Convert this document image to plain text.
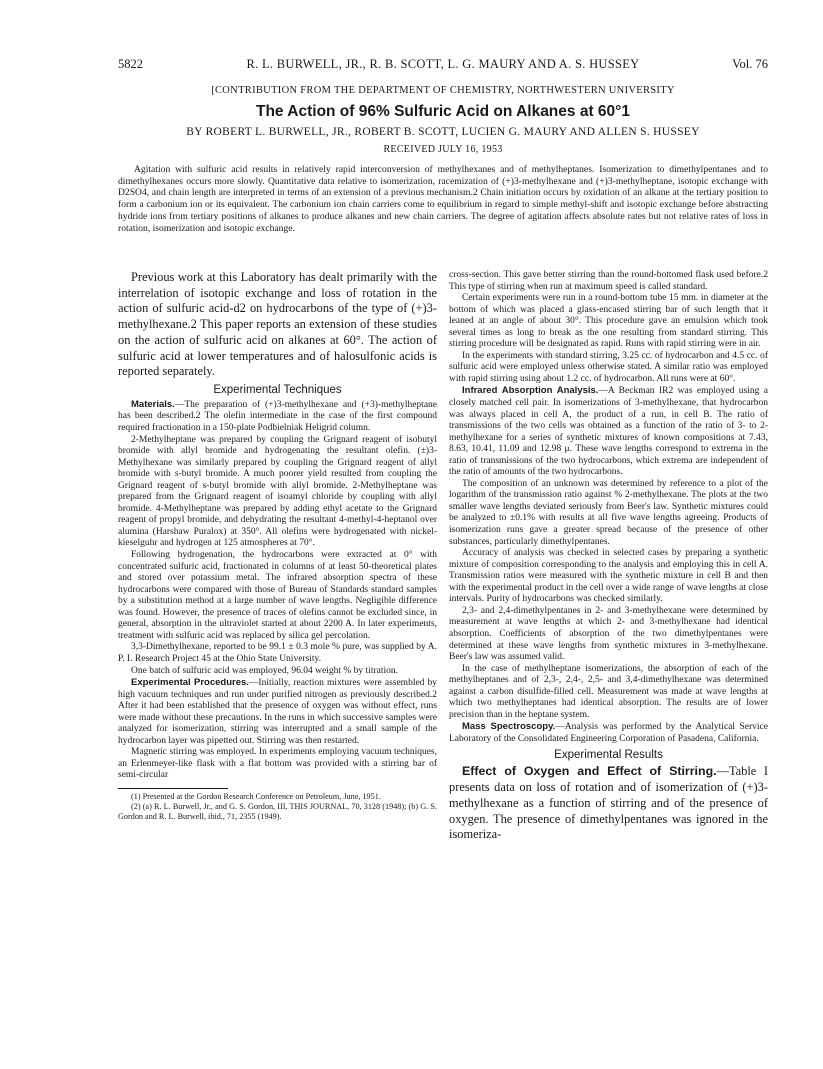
5822	R. L. BURWELL, JR., R. B. SCOTT, L. G. MAURY AND A. S. HUSSEY	Vol. 76
[CONTRIBUTION FROM THE DEPARTMENT OF CHEMISTRY, NORTHWESTERN UNIVERSITY
The Action of 96% Sulfuric Acid on Alkanes at 60°1
BY ROBERT L. BURWELL, JR., ROBERT B. SCOTT, LUCIEN G. MAURY AND ALLEN S. HUSSEY
RECEIVED JULY 16, 1953

Agitation with sulfuric acid results in relatively rapid interconversion of methylhexanes and of methylheptanes. Isomerization to dimethylpentanes and to dimethylhexanes occurs more slowly. Quantitative data relative to isomerization, racemization of (+)3-methylhexane and (+)3-methylheptane, isotopic exchange with D2SO4, and chain length are interpreted in terms of an extension of a previous mechanism.2 Chain initiation occurs by oxidation of an alkane at the tertiary position to form a carbonium ion or its equivalent. The carbonium ion chain carriers come to equilibrium in regard to simple methyl-shift and isotopic exchange before abstracting hydride ions from tertiary positions of alkanes to produce alkanes and new chain carriers. The degree of agitation affects absolute rates but not relative rates of loss in rotation, isomerization and isotopic exchange.

Previous work at this Laboratory has dealt primarily with the interrelation of isotopic exchange and loss of rotation in the action of sulfuric acid-d2 on hydrocarbons of the type of (+)3-methylhexane.2 This paper reports an extension of these studies on the action of sulfuric acid on alkanes at 60°. The action of sulfuric acid at lower temperatures and of halosulfonic acids is reported separately.

Experimental Techniques

Materials.—The preparation of (+)3-methylhexane and (+3)-methylheptane has been described.2 The olefin intermediate in the case of the first compound required fractionation in a 150-plate Podbielniak Heligrid column.

2-Methylheptane was prepared by coupling the Grignard reagent of isobutyl bromide with allyl bromide and hydrogenating the resultant olefin. (±)3-Methylhexane was similarly prepared by coupling the Grignard reagent of allyl bromide with s-butyl bromide. A much poorer yield resulted from coupling the Grignard reagent of s-butyl bromide with allyl bromide. 2-Methylheptane was prepared from the Grignard reagent of isoamyl chloride by coupling with allyl bromide. 4-Methylheptane was prepared by adding ethyl acetate to the Grignard reagent of propyl bromide, and dehydrating the resultant 4-methyl-4-heptanol over alumina (Harshaw Puralox) at 350°. All olefins were hydrogenated with nickel-kieselguhr and hydrogen at 125 atmospheres at 70°.

Following hydrogenation, the hydrocarbons were extracted at 0° with concentrated sulfuric acid, fractionated in columns of at least 50-theoretical plates and stored over potassium metal. The infrared absorption spectra of these hydrocarbons were compared with those of Bureau of Standards standard samples by a substitution method at a large number of wave lengths. Negligible difference was found. However, the presence of traces of olefins cannot be excluded since, in general, absorption in the ultraviolet started at about 2200 A. In later experiments, treatment with sulfuric acid was replaced by silica gel percolation.

3,3-Dimethylhexane, reported to be 99.1 ± 0.3 mole % pure, was supplied by A. P. I. Research Project 45 at the Ohio State University.

One batch of sulfuric acid was employed, 96.04 weight % by titration.

Experimental Procedures.—Initially, reaction mixtures were assembled by high vacuum techniques and run under purified nitrogen as previously described.2 After it had been established that the presence of oxygen was without effect, runs were made without these precautions. In the runs in which successive samples were analyzed for isomerization, stirring was interrupted and a small sample of the hydrocarbon layer was pipetted out. Stirring was then restarted.

Magnetic stirring was employed. In experiments employing vacuum techniques, an Erlenmeyer-like flask with a flat bottom was provided with a stirring bar of semi-circular

(1) Presented at the Gordon Research Conference on Petroleum, June, 1951.

(2) (a) R. L. Burwell, Jr., and G. S. Gordon, III, THIS JOURNAL, 70, 3128 (1948); (b) G. S. Gordon and R. L. Burwell, ibid., 71, 2355 (1949).

cross-section. This gave better stirring than the round-bottomed flask used before.2 This type of stirring when run at maximum speed is called standard.

Certain experiments were run in a round-bottom tube 15 mm. in diameter at the bottom of which was placed a glass-encased stirring bar of such length that it leaned at an angle of about 30°. This procedure gave an emulsion which took several times as long to break as the one resulting from standard stirring. This stirring procedure will be designated as rapid. Runs with rapid stirring were in air.

In the experiments with standard stirring, 3.25 cc. of hydrocarbon and 4.5 cc. of sulfuric acid were employed unless otherwise stated. A similar ratio was employed with rapid stirring using about 1.2 cc. of hydrocarbon. All runs were at 60°.

Infrared Absorption Analysis.—A Beckman IR2 was employed using a closely matched cell pair. In isomerizations of 3-methylhexane, that hydrocarbon was always placed in cell A, the product of a run, in cell B. The ratio of transmissions of the two cells was obtained as a function of the ratio of 3- to 2-methylhexane for a series of synthetic mixtures of known compositions at 7.43, 8.63, 10.41, 11.09 and 12.98 μ. These wave lengths correspond to extrema in the ratio of transmissions of the two hydrocarbons, which extrema are independent of the ratio of amounts of the two hydrocarbons.

The composition of an unknown was determined by reference to a plot of the logarithm of the transmission ratio against % 2-methylhexane. The plots at the two smaller wave lengths deviated seriously from Beer's law. Synthetic mixtures could be analyzed to ±0.1% with results at all five wave lengths agreeing. Products of isomerization runs gave a greater spread because of the presence of other substances, particularly dimethylpentanes.

Accuracy of analysis was checked in selected cases by preparing a synthetic mixture of composition corresponding to the analysis and employing this in cell A. Transmission ratios were measured with the synthetic mixture in cell B and then with the experimental product in the cell over a wide range of wave lengths at close intervals. Purity of hydrocarbons was checked similarly.

2,3- and 2,4-dimethylpentanes in 2- and 3-methylhexane were determined by measurement at wave lengths at which 2- and 3-methylhexane had identical absorption. Coefficients of absorption of the two dimethylpentanes were determined at these wave lengths from synthetic mixtures in 3-methylhexane. Beer's law was assumed valid.

In the case of methylheptane isomerizations, the absorption of each of the methylheptanes and of 2,3-, 2,4-, 2,5- and 3,4-dimethylhexane was determined against a carbon disulfide-filled cell. Measurement was made at wave lengths at which two methylheptanes had identical absorption. The results are of lower precision than in the heptane system.

Mass Spectroscopy.—Analysis was performed by the Analytical Service Laboratory of the Consolidated Engineering Corporation of Pasadena, California.

Experimental Results

Effect of Oxygen and Effect of Stirring.—Table I presents data on loss of rotation and of isomerization of (+)3-methylhexane as a function of stirring and of the presence of oxygen. The presence of dimethylpentanes was ignored in the isomeriza-
